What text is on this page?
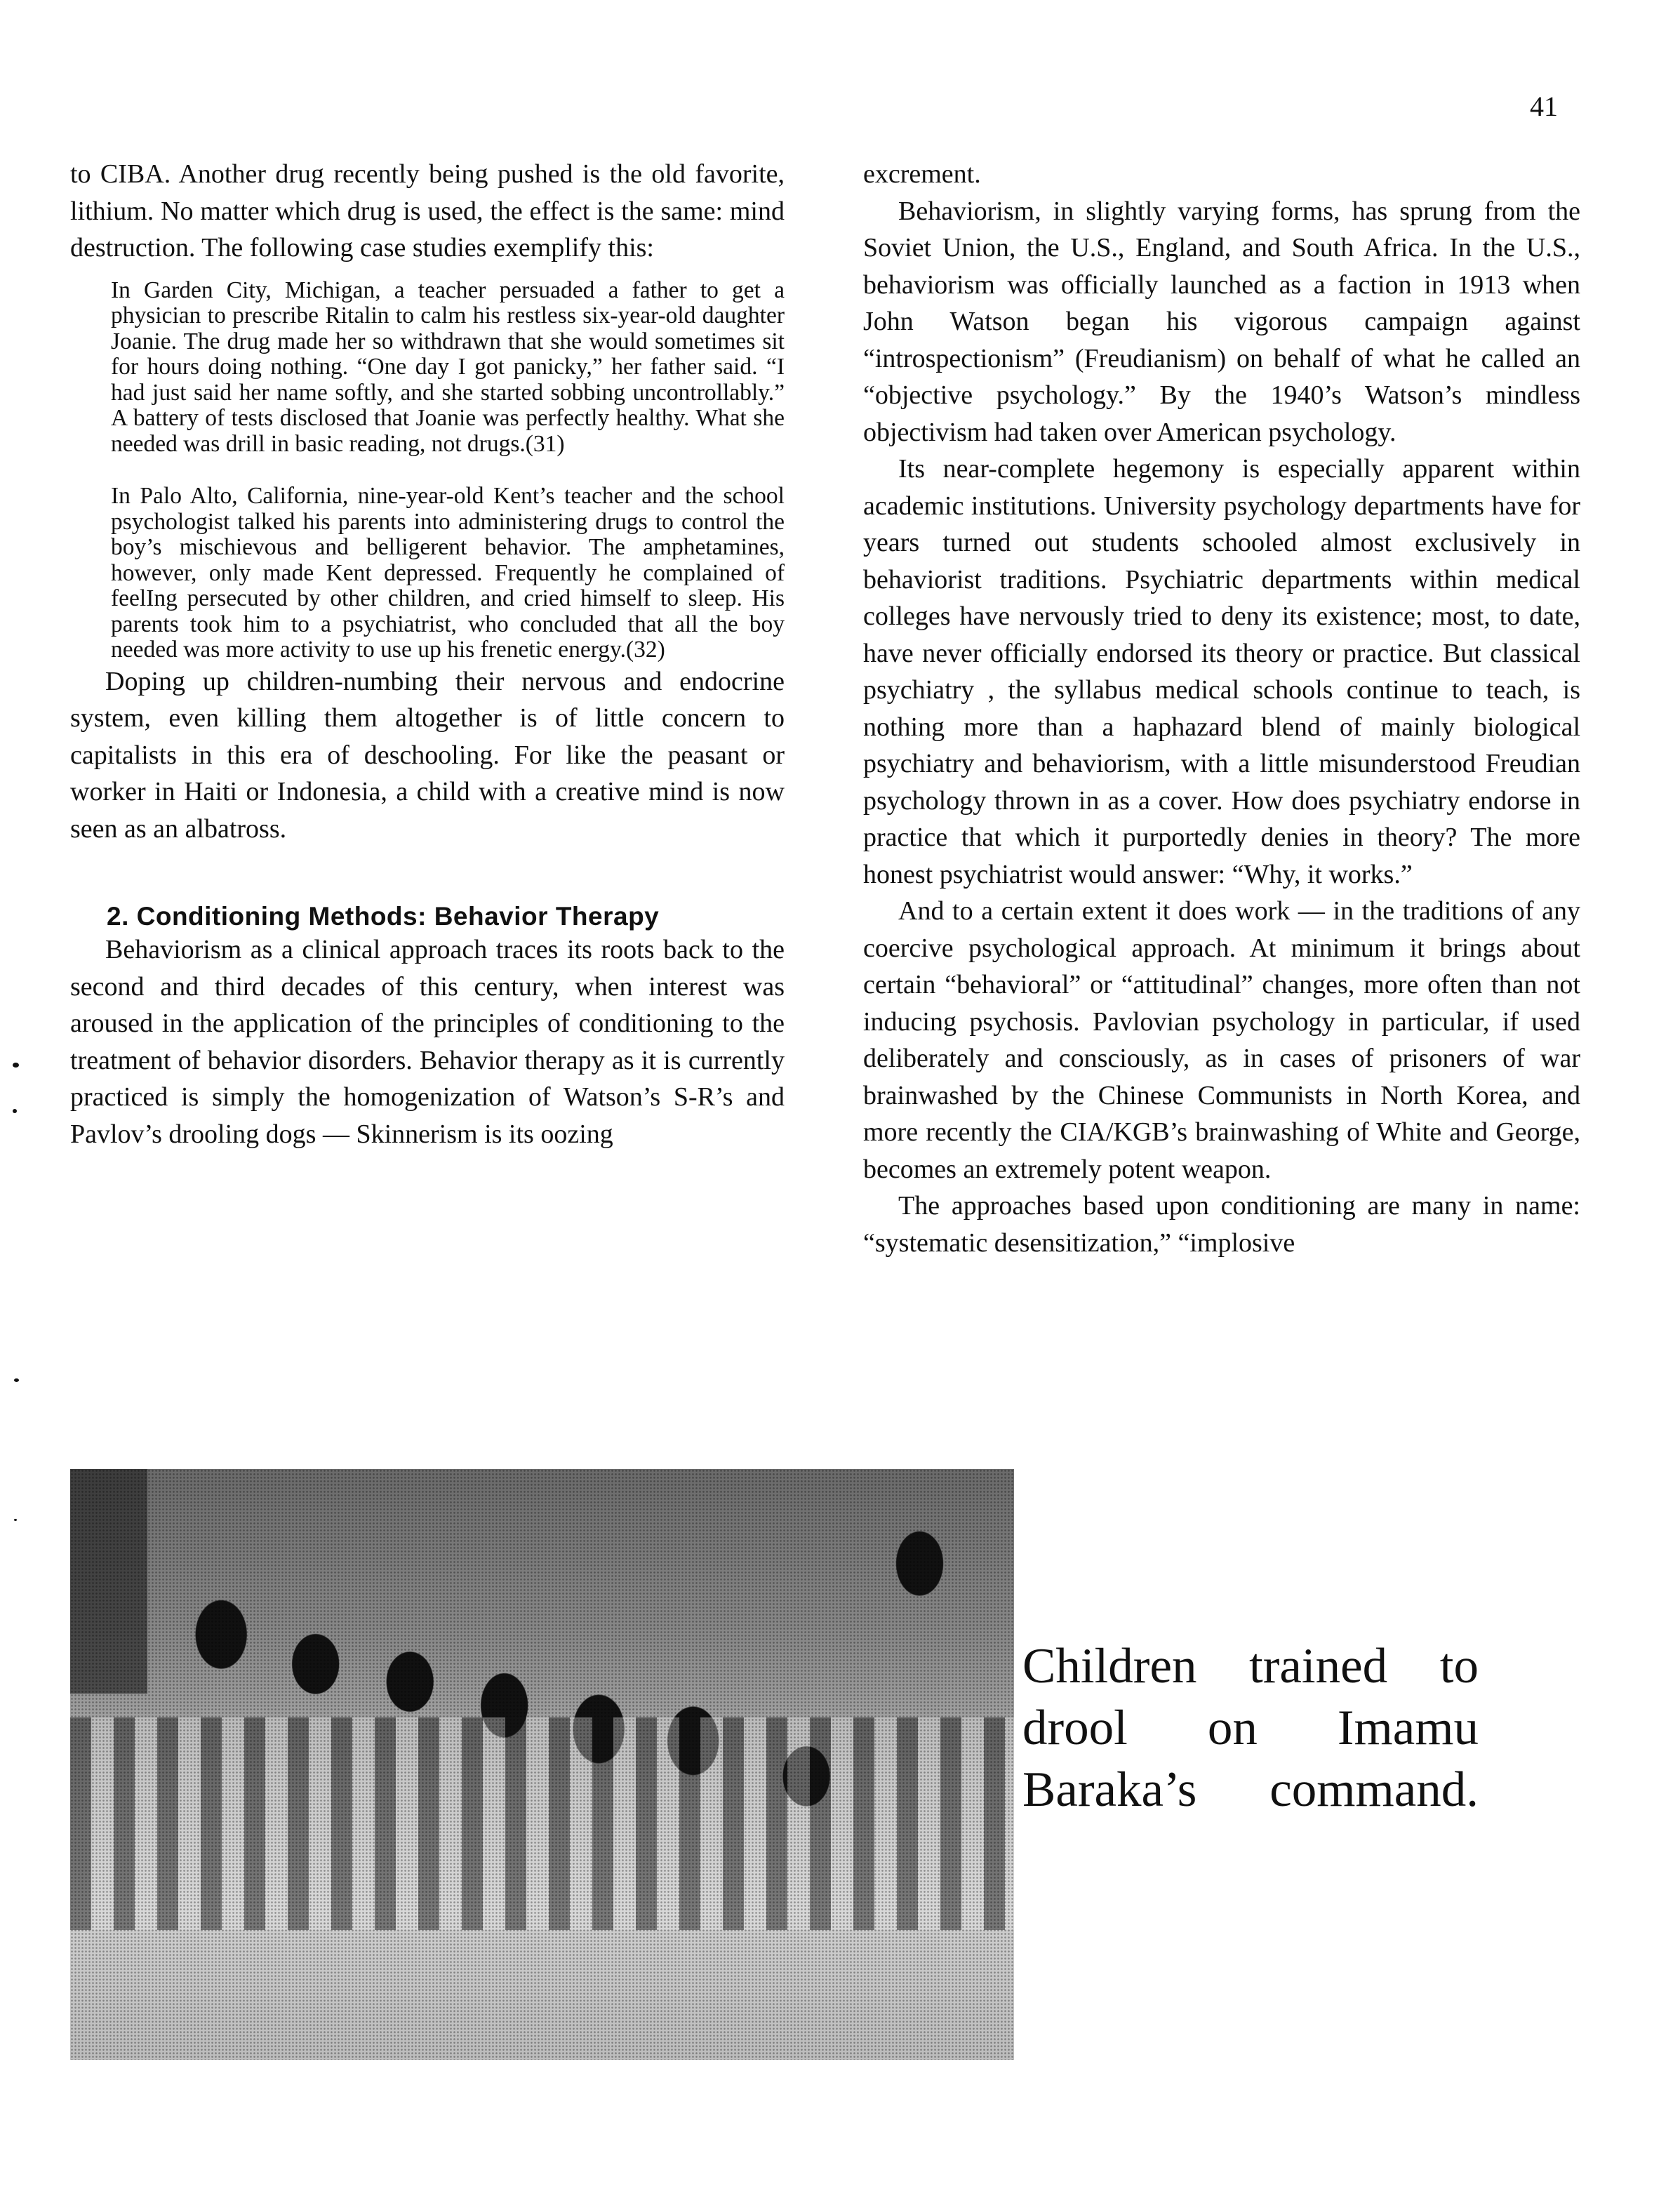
41

to CIBA. Another drug recently being pushed is the old favorite, lithium. No matter which drug is used, the effect is the same: mind destruction. The following case studies exemplify this:

In Garden City, Michigan, a teacher persuaded a father to get a physician to prescribe Ritalin to calm his restless six-year-old daughter Joanie. The drug made her so withdrawn that she would sometimes sit for hours doing nothing. “One day I got panicky,” her father said. “I had just said her name softly, and she started sobbing uncontrollably.” A battery of tests disclosed that Joanie was perfectly healthy. What she needed was drill in basic reading, not drugs.(31)
In Palo Alto, California, nine-year-old Kent’s teacher and the school psychologist talked his parents into administering drugs to control the boy’s mischievous and belligerent behavior. The amphetamines, however, only made Kent depressed. Frequently he complained of feelIng persecuted by other children, and cried himself to sleep. His parents took him to a psychiatrist, who concluded that all the boy needed was more activity to use up his frenetic energy.(32)

Doping up children-numbing their nervous and endocrine system, even killing them altogether is of little concern to capitalists in this era of deschooling. For like the peasant or worker in Haiti or Indonesia, a child with a creative mind is now seen as an albatross.

2. Conditioning Methods: Behavior Therapy

Behaviorism as a clinical approach traces its roots back to the second and third decades of this century, when interest was aroused in the application of the principles of conditioning to the treatment of behavior disorders. Behavior therapy as it is currently practiced is simply the homogenization of Watson’s S-R’s and Pavlov’s drooling dogs — Skinnerism is its oozing

excrement.

Behaviorism, in slightly varying forms, has sprung from the Soviet Union, the U.S., England, and South Africa. In the U.S., behaviorism was officially launched as a faction in 1913 when John Watson began his vigorous campaign against “introspectionism” (Freudianism) on behalf of what he called an “objective psychology.” By the 1940’s Watson’s mindless objectivism had taken over American psychology.

Its near-complete hegemony is especially apparent within academic institutions. University psychology departments have for years turned out students schooled almost exclusively in behaviorist traditions. Psychiatric departments within medical colleges have nervously tried to deny its existence; most, to date, have never officially endorsed its theory or practice. But classical psychiatry , the syllabus medical schools continue to teach, is nothing more than a haphazard blend of mainly biological psychiatry and behaviorism, with a little misunderstood Freudian psychology thrown in as a cover. How does psychiatry endorse in practice that which it purportedly denies in theory? The more honest psychiatrist would answer: “Why, it works.”

And to a certain extent it does work — in the traditions of any coercive psychological approach. At minimum it brings about certain “behavioral” or “attitudinal” changes, more often than not inducing psychosis. Pavlovian psychology in particular, if used deliberately and consciously, as in cases of prisoners of war brainwashed by the Chinese Communists in North Korea, and more recently the CIA/KGB’s brainwashing of White and George, becomes an extremely potent weapon.

The approaches based upon conditioning are many in name: “systematic desensitization,” “implosive

Children trained to
drool on Imamu
Baraka’s command.
